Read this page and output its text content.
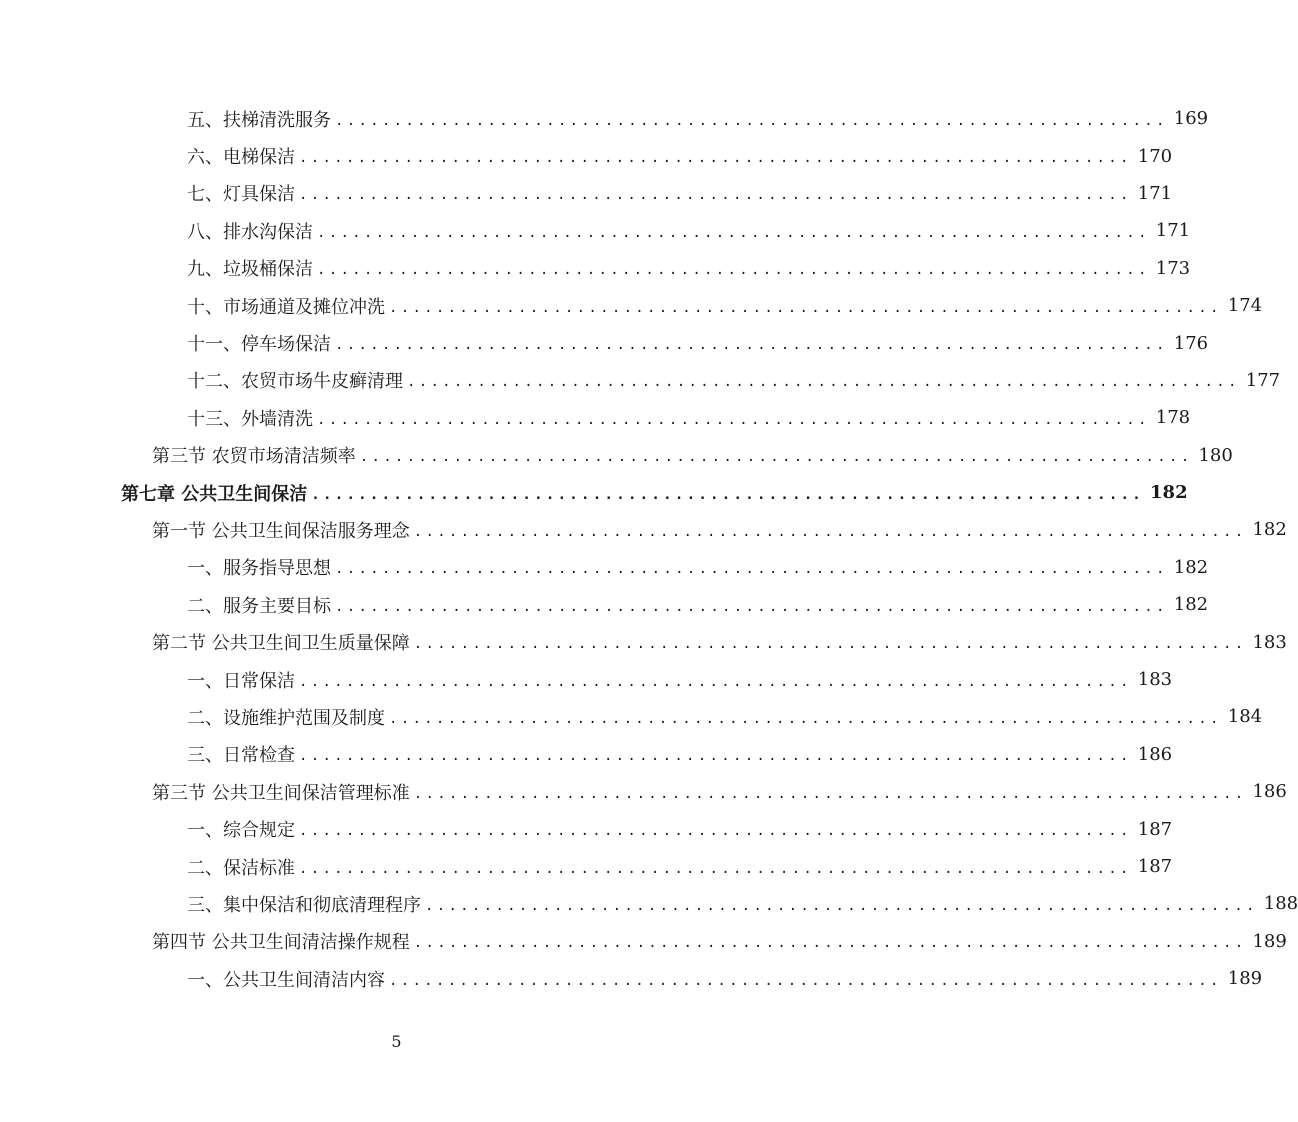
五、扶梯清洗服务 ....................................................................... 169
六、电梯保洁 ....................................................................... 170
七、灯具保洁 ....................................................................... 171
八、排水沟保洁 ....................................................................... 171
九、垃圾桶保洁 ....................................................................... 173
十、市场通道及摊位冲洗 ....................................................................... 174
十一、停车场保洁 ....................................................................... 176
十二、农贸市场牛皮癣清理 ....................................................................... 177
十三、外墙清洗 ....................................................................... 178
第三节 农贸市场清洁频率 ....................................................................... 180
第七章 公共卫生间保洁 ....................................................................... 182
第一节 公共卫生间保洁服务理念 ....................................................................... 182
一、服务指导思想 ....................................................................... 182
二、服务主要目标 ....................................................................... 182
第二节 公共卫生间卫生质量保障 ....................................................................... 183
一、日常保洁 ....................................................................... 183
二、设施维护范围及制度 ....................................................................... 184
三、日常检查 ....................................................................... 186
第三节 公共卫生间保洁管理标准 ....................................................................... 186
一、综合规定 ....................................................................... 187
二、保洁标准 ....................................................................... 187
三、集中保洁和彻底清理程序 ....................................................................... 188
第四节 公共卫生间清洁操作规程 ....................................................................... 189
一、公共卫生间清洁内容 ....................................................................... 189
5
